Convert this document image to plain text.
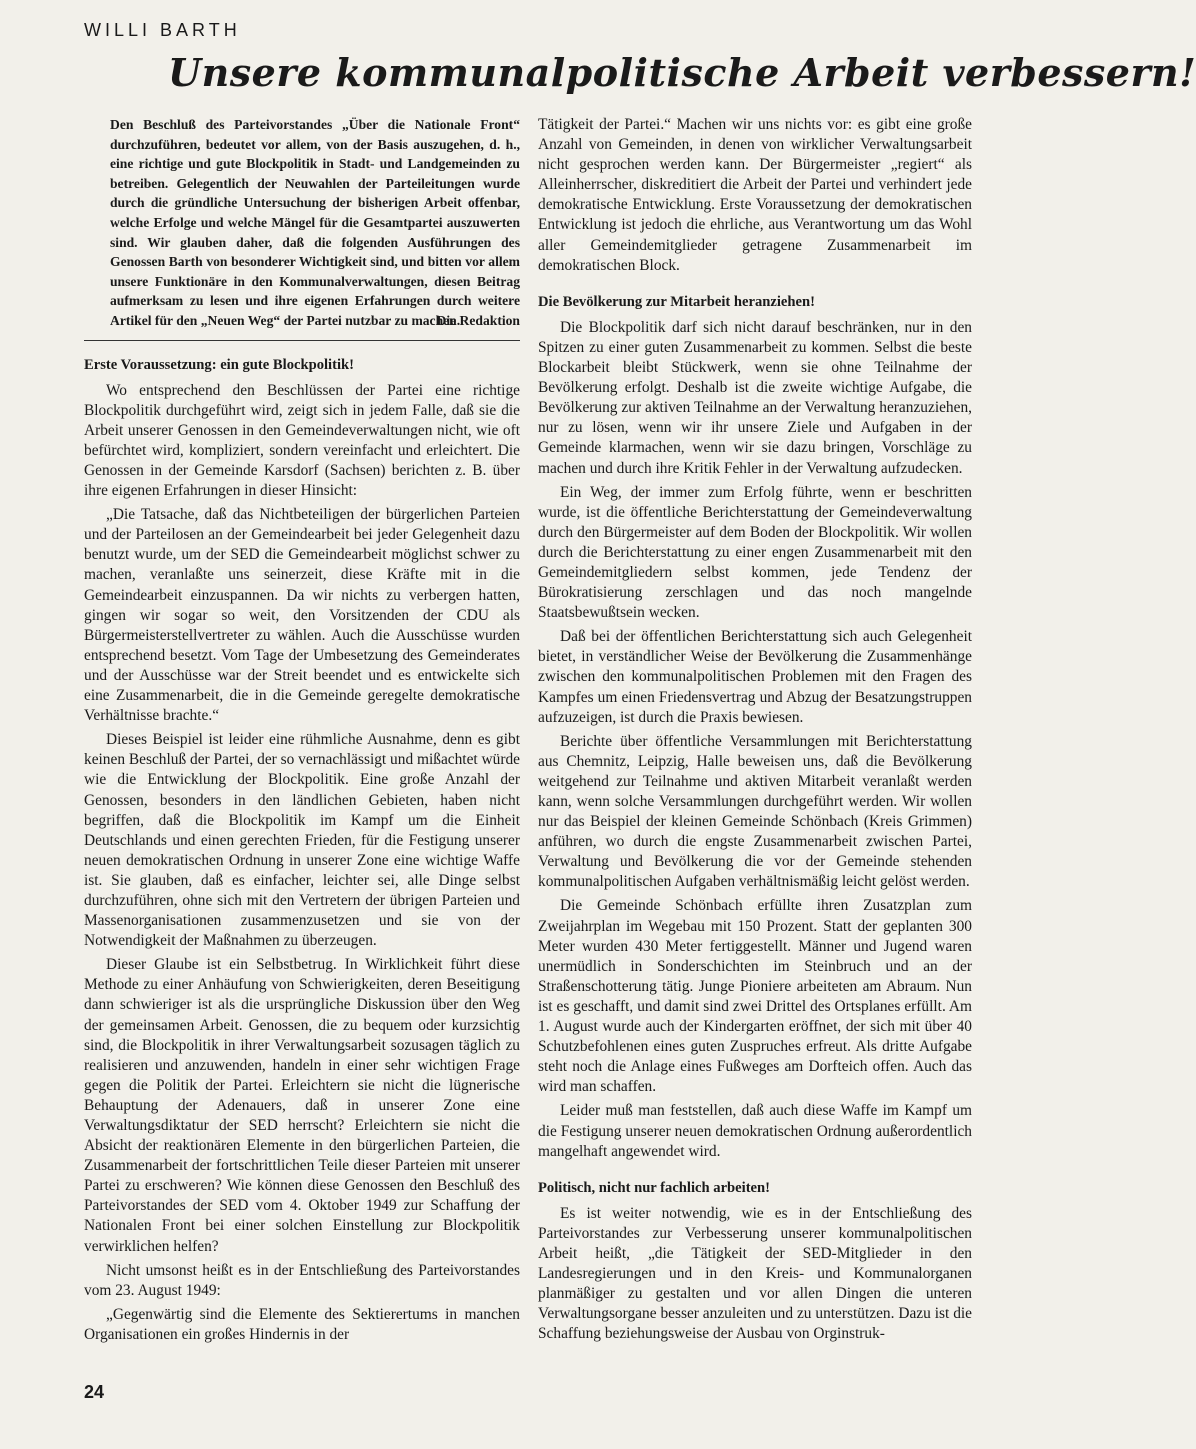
WILLI BARTH
Unsere kommunalpolitische Arbeit verbessern!
Den Beschluß des Parteivorstandes „Über die Nationale Front“ durchzuführen, bedeutet vor allem, von der Basis auszugehen, d. h., eine richtige und gute Blockpolitik in Stadt- und Landgemeinden zu betreiben. Gelegentlich der Neuwahlen der Parteileitungen wurde durch die gründliche Untersuchung der bisherigen Arbeit offenbar, welche Erfolge und welche Mängel für die Gesamtpartei auszuwerten sind. Wir glauben daher, daß die folgenden Ausführungen des Genossen Barth von besonderer Wichtigkeit sind, und bitten vor allem unsere Funktionäre in den Kommunalverwaltungen, diesen Beitrag aufmerksam zu lesen und ihre eigenen Erfahrungen durch weitere Artikel für den „Neuen Weg“ der Partei nutzbar zu machen.
Die Redaktion
Erste Voraussetzung: ein gute Blockpolitik!

Wo entsprechend den Beschlüssen der Partei eine richtige Blockpolitik durchgeführt wird, zeigt sich in jedem Falle, daß sie die Arbeit unserer Genossen in den Gemeindeverwaltungen nicht, wie oft befürchtet wird, kompliziert, sondern vereinfacht und erleichtert. Die Genossen in der Gemeinde Karsdorf (Sachsen) berichten z. B. über ihre eigenen Erfahrungen in dieser Hinsicht:

„Die Tatsache, daß das Nichtbeteiligen der bürgerlichen Parteien und der Parteilosen an der Gemeindearbeit bei jeder Gelegenheit dazu benutzt wurde, um der SED die Gemeindearbeit möglichst schwer zu machen, veranlaßte uns seinerzeit, diese Kräfte mit in die Gemeindearbeit einzuspannen. Da wir nichts zu verbergen hatten, gingen wir sogar so weit, den Vorsitzenden der CDU als Bürgermeisterstellvertreter zu wählen. Auch die Ausschüsse wurden entsprechend besetzt. Vom Tage der Umbesetzung des Gemeinderates und der Ausschüsse war der Streit beendet und es entwickelte sich eine Zusammenarbeit, die in die Gemeinde geregelte demokratische Verhältnisse brachte.“

Dieses Beispiel ist leider eine rühmliche Ausnahme, denn es gibt keinen Beschluß der Partei, der so vernachlässigt und mißachtet würde wie die Entwicklung der Blockpolitik. Eine große Anzahl der Genossen, besonders in den ländlichen Gebieten, haben nicht begriffen, daß die Blockpolitik im Kampf um die Einheit Deutschlands und einen gerechten Frieden, für die Festigung unserer neuen demokratischen Ordnung in unserer Zone eine wichtige Waffe ist. Sie glauben, daß es einfacher, leichter sei, alle Dinge selbst durchzuführen, ohne sich mit den Vertretern der übrigen Parteien und Massenorganisationen zusammenzusetzen und sie von der Notwendigkeit der Maßnahmen zu überzeugen.

Dieser Glaube ist ein Selbstbetrug. In Wirklichkeit führt diese Methode zu einer Anhäufung von Schwierigkeiten, deren Beseitigung dann schwieriger ist als die ursprüngliche Diskussion über den Weg der gemeinsamen Arbeit. Genossen, die zu bequem oder kurzsichtig sind, die Blockpolitik in ihrer Verwaltungsarbeit sozusagen täglich zu realisieren und anzuwenden, handeln in einer sehr wichtigen Frage gegen die Politik der Partei. Erleichtern sie nicht die lügnerische Behauptung der Adenauers, daß in unserer Zone eine Verwaltungsdiktatur der SED herrscht? Erleichtern sie nicht die Absicht der reaktionären Elemente in den bürgerlichen Parteien, die Zusammenarbeit der fortschrittlichen Teile dieser Parteien mit unserer Partei zu erschweren? Wie können diese Genossen den Beschluß des Parteivorstandes der SED vom 4. Oktober 1949 zur Schaffung der Nationalen Front bei einer solchen Einstellung zur Blockpolitik verwirklichen helfen?

Nicht umsonst heißt es in der Entschließung des Parteivorstandes vom 23. August 1949:

„Gegenwärtig sind die Elemente des Sektierertums in manchen Organisationen ein großes Hindernis in der

Tätigkeit der Partei.“ Machen wir uns nichts vor: es gibt eine große Anzahl von Gemeinden, in denen von wirklicher Verwaltungsarbeit nicht gesprochen werden kann. Der Bürgermeister „regiert“ als Alleinherrscher, diskreditiert die Arbeit der Partei und verhindert jede demokratische Entwicklung. Erste Voraussetzung der demokratischen Entwicklung ist jedoch die ehrliche, aus Verantwortung um das Wohl aller Gemeindemitglieder getragene Zusammenarbeit im demokratischen Block.

Die Bevölkerung zur Mitarbeit heranziehen!

Die Blockpolitik darf sich nicht darauf beschränken, nur in den Spitzen zu einer guten Zusammenarbeit zu kommen. Selbst die beste Blockarbeit bleibt Stückwerk, wenn sie ohne Teilnahme der Bevölkerung erfolgt. Deshalb ist die zweite wichtige Aufgabe, die Bevölkerung zur aktiven Teilnahme an der Verwaltung heranzuziehen, nur zu lösen, wenn wir ihr unsere Ziele und Aufgaben in der Gemeinde klarmachen, wenn wir sie dazu bringen, Vorschläge zu machen und durch ihre Kritik Fehler in der Verwaltung aufzudecken.

Ein Weg, der immer zum Erfolg führte, wenn er beschritten wurde, ist die öffentliche Berichterstattung der Gemeindeverwaltung durch den Bürgermeister auf dem Boden der Blockpolitik. Wir wollen durch die Berichterstattung zu einer engen Zusammenarbeit mit den Gemeindemitgliedern selbst kommen, jede Tendenz der Bürokratisierung zerschlagen und das noch mangelnde Staatsbewußtsein wecken.

Daß bei der öffentlichen Berichterstattung sich auch Gelegenheit bietet, in verständlicher Weise der Bevölkerung die Zusammenhänge zwischen den kommunalpolitischen Problemen mit den Fragen des Kampfes um einen Friedensvertrag und Abzug der Besatzungstruppen aufzuzeigen, ist durch die Praxis bewiesen.

Berichte über öffentliche Versammlungen mit Berichterstattung aus Chemnitz, Leipzig, Halle beweisen uns, daß die Bevölkerung weitgehend zur Teilnahme und aktiven Mitarbeit veranlaßt werden kann, wenn solche Versammlungen durchgeführt werden. Wir wollen nur das Beispiel der kleinen Gemeinde Schönbach (Kreis Grimmen) anführen, wo durch die engste Zusammenarbeit zwischen Partei, Verwaltung und Bevölkerung die vor der Gemeinde stehenden kommunalpolitischen Aufgaben verhältnismäßig leicht gelöst werden.

Die Gemeinde Schönbach erfüllte ihren Zusatzplan zum Zweijahrplan im Wegebau mit 150 Prozent. Statt der geplanten 300 Meter wurden 430 Meter fertiggestellt. Männer und Jugend waren unermüdlich in Sonderschichten im Steinbruch und an der Straßenschotterung tätig. Junge Pioniere arbeiteten am Abraum. Nun ist es geschafft, und damit sind zwei Drittel des Ortsplanes erfüllt. Am 1. August wurde auch der Kindergarten eröffnet, der sich mit über 40 Schutzbefohlenen eines guten Zuspruches erfreut. Als dritte Aufgabe steht noch die Anlage eines Fußweges am Dorfteich offen. Auch das wird man schaffen.

Leider muß man feststellen, daß auch diese Waffe im Kampf um die Festigung unserer neuen demokratischen Ordnung außerordentlich mangelhaft angewendet wird.

Politisch, nicht nur fachlich arbeiten!

Es ist weiter notwendig, wie es in der Entschließung des Parteivorstandes zur Verbesserung unserer kommunalpolitischen Arbeit heißt, „die Tätigkeit der SED-Mitglieder in den Landesregierungen und in den Kreis- und Kommunalorganen planmäßiger zu gestalten und vor allen Dingen die unteren Verwaltungsorgane besser anzuleiten und zu unterstützen. Dazu ist die Schaffung beziehungsweise der Ausbau von Orginstruk-

24
